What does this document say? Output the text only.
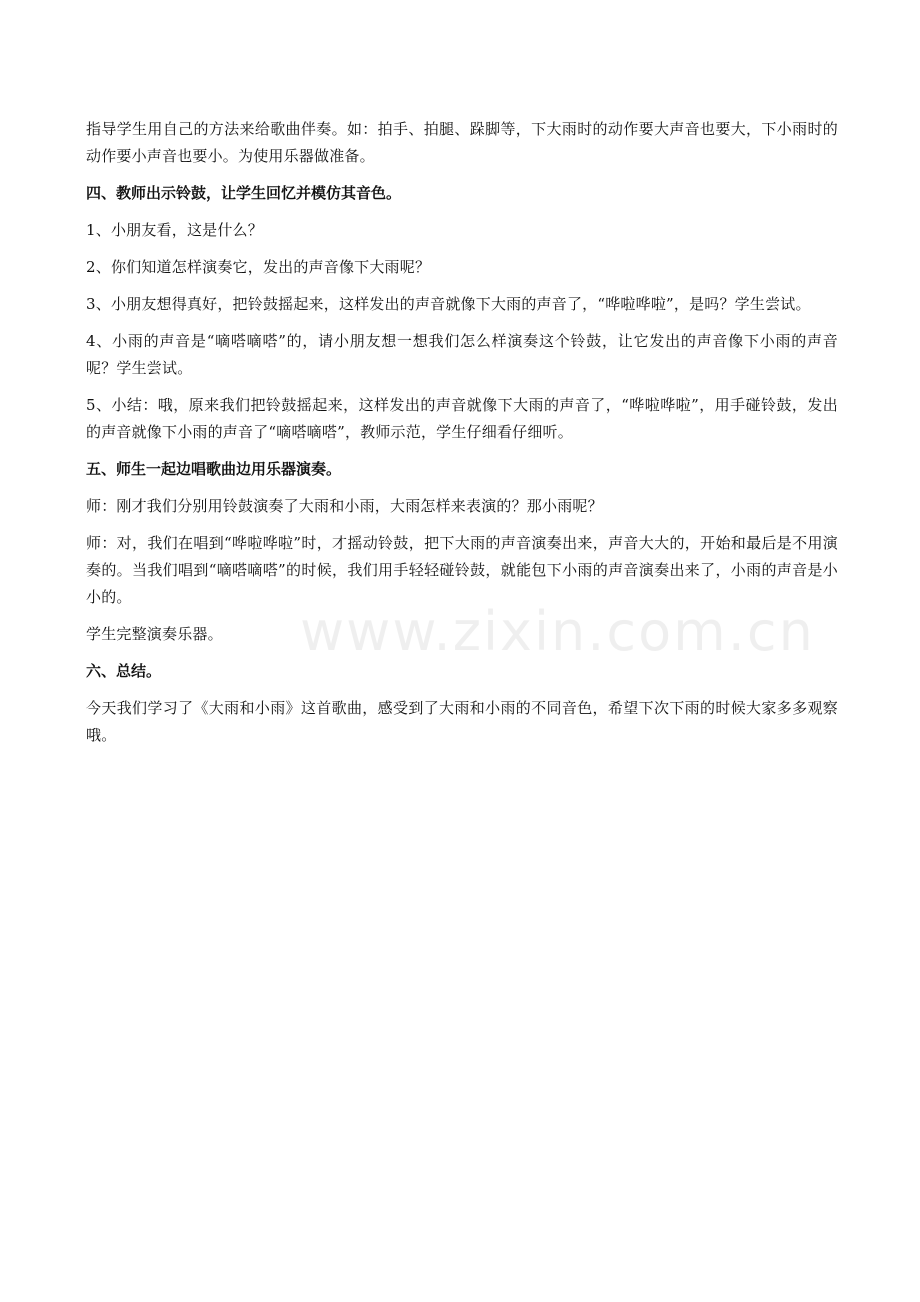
指导学生用自己的方法来给歌曲伴奏。如：拍手、拍腿、跺脚等，下大雨时的动作要大声音也要大，下小雨时的动作要小声音也要小。为使用乐器做准备。

四、教师出示铃鼓，让学生回忆并模仿其音色。

1、小朋友看，这是什么？

2、你们知道怎样演奏它，发出的声音像下大雨呢？

3、小朋友想得真好，把铃鼓摇起来，这样发出的声音就像下大雨的声音了，“哗啦哗啦”，是吗？学生尝试。

4、小雨的声音是“嘀嗒嘀嗒”的，请小朋友想一想我们怎么样演奏这个铃鼓，让它发出的声音像下小雨的声音呢？学生尝试。

5、小结：哦，原来我们把铃鼓摇起来，这样发出的声音就像下大雨的声音了，“哗啦哗啦”，用手碰铃鼓，发出的声音就像下小雨的声音了“嘀嗒嘀嗒”，教师示范，学生仔细看仔细听。

五、师生一起边唱歌曲边用乐器演奏。

师：刚才我们分别用铃鼓演奏了大雨和小雨，大雨怎样来表演的？那小雨呢？

师：对，我们在唱到“哗啦哗啦”时，才摇动铃鼓，把下大雨的声音演奏出来，声音大大的，开始和最后是不用演奏的。当我们唱到“嘀嗒嘀嗒”的时候，我们用手轻轻碰铃鼓，就能包下小雨的声音演奏出来了，小雨的声音是小小的。

学生完整演奏乐器。

六、总结。

今天我们学习了《大雨和小雨》这首歌曲，感受到了大雨和小雨的不同音色，希望下次下雨的时候大家多多观察哦。

www.zixin.com.cn
